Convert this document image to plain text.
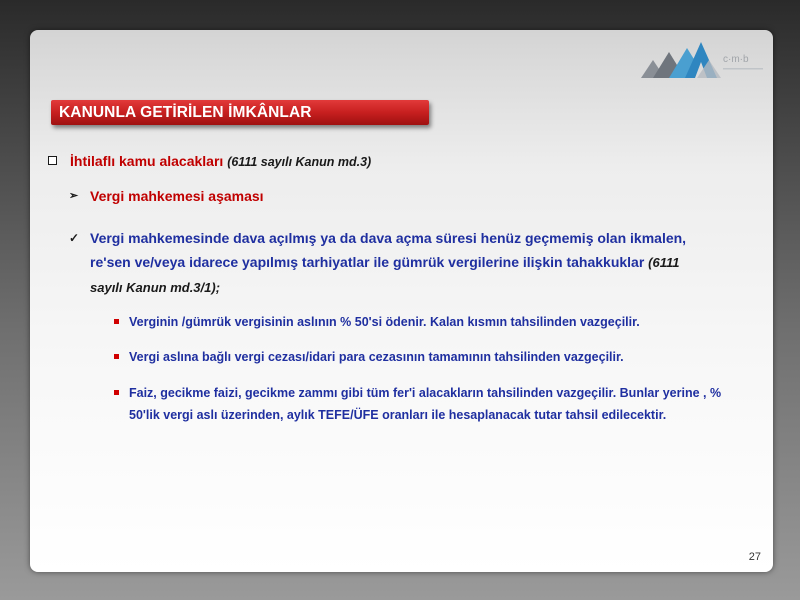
c·m·b
KANUNLA GETİRİLEN İMKÂNLAR
İhtilaflı kamu alacakları (6111 sayılı Kanun md.3)
➢ Vergi mahkemesi aşaması
✓ Vergi mahkemesinde dava açılmış ya da dava açma süresi henüz geçmemiş olan ikmalen, re'sen ve/veya idarece yapılmış tarhiyatlar ile gümrük vergilerine ilişkin tahakkuklar (6111 sayılı Kanun md.3/1);
Verginin /gümrük vergisinin aslının % 50'si ödenir. Kalan kısmın tahsilinden vazgeçilir.
Vergi aslına bağlı vergi cezası/idari para cezasının tamamının tahsilinden vazgeçilir.
Faiz, gecikme faizi, gecikme zammı gibi tüm fer'i alacakların tahsilinden vazgeçilir. Bunlar yerine , % 50'lik vergi aslı üzerinden, aylık TEFE/ÜFE oranları ile hesaplanacak tutar tahsil edilecektir.
27
